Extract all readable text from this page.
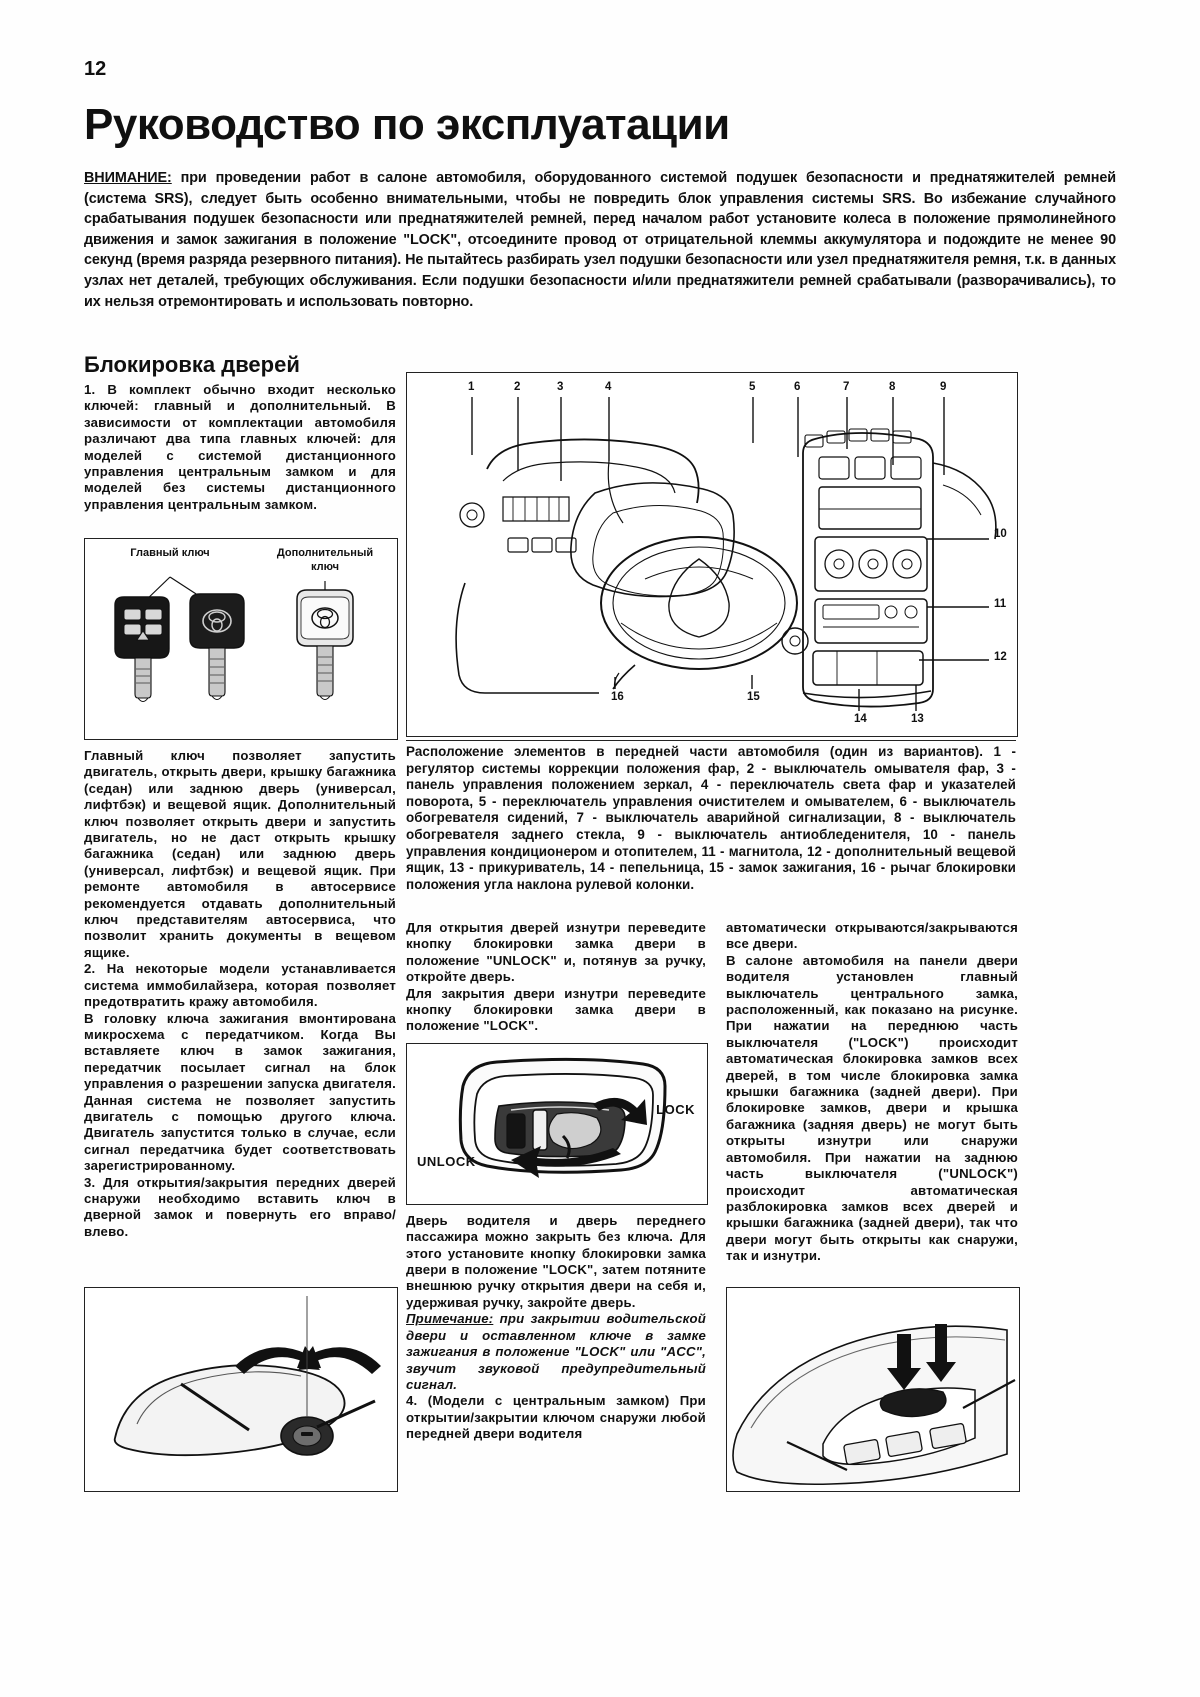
12
Руководство по эксплуатации
ВНИМАНИЕ: при проведении работ в салоне автомобиля, оборудованного системой подушек безопасности и преднатяжителей ремней (система SRS), следует быть особенно внимательными, чтобы не повредить блок управления системы SRS. Во избежание случайного срабатывания подушек безопасности или преднатяжителей ремней, перед началом работ установите колеса в положение прямолинейного движения и замок зажигания в положение "LOCK", отсоедините провод от отрицательной клеммы аккумулятора и подождите не менее 90 секунд (время разряда резервного питания). Не пытайтесь разбирать узел подушки безопасности или узел преднатяжителя ремня, т.к. в данных узлах нет деталей, требующих обслуживания. Если подушки безопасности и/или преднатяжители ремней срабатывали (разворачивались), то их нельзя отремонтировать и использовать повторно.
Блокировка дверей
1. В комплект обычно входит несколько ключей: главный и дополнительный. В зависимости от комплектации автомобиля различают два типа главных ключей: для моделей с системой дистанционного управления центральным замком и для моделей без системы дистанционного управления центральным замком.
Главный ключ	Дополнительный
ключ
Главный ключ позволяет запустить двигатель, открыть двери, крышку багажника (седан) или заднюю дверь (универсал, лифтбэк) и вещевой ящик. Дополнительный ключ позволяет открыть двери и запустить двигатель, но не даст открыть крышку багажника (седан) или заднюю дверь (универсал, лифтбэк) и вещевой ящик. При ремонте автомобиля в автосервисе рекомендуется отдавать дополнительный ключ представителям автосервиса, что позволит хранить документы в вещевом ящике.
2. На некоторые модели устанавливается система иммобилайзера, которая позволяет предотвратить кражу автомобиля.
В головку ключа зажигания вмонтирована микросхема с передатчиком. Когда Вы вставляете ключ в замок зажигания, передатчик посылает сигнал на блок управления о разрешении запуска двигателя. Данная система не позволяет запустить двигатель с помощью другого ключа. Двигатель запустится только в случае, если сигнал передатчика будет соответствовать зарегистрированному.
3. Для открытия/закрытия передних дверей снаружи необходимо вставить ключ в дверной замок и повернуть его вправо/влево.
1	2	3	4	5	6	7	8	9
10
11
12
16	15
14	13
Расположение элементов в передней части автомобиля (один из вариантов). 1 - регулятор системы коррекции положения фар, 2 - выключатель омывателя фар, 3 - панель управления положением зеркал, 4 - переключатель света фар и указателей поворота, 5 - переключатель управления очистителем и омывателем, 6 - выключатель обогревателя сидений, 7 - выключатель аварийной сигнализации, 8 - выключатель обогревателя заднего стекла, 9 - выключатель антиобледенителя, 10 - панель управления кондиционером и отопителем, 11 - магнитола, 12 - дополнительный вещевой ящик, 13 - прикуриватель, 14 - пепельница, 15 - замок зажигания, 16 - рычаг блокировки положения угла наклона рулевой колонки.
Для открытия дверей изнутри переведите кнопку блокировки замка двери в положение "UNLOCK" и, потянув за ручку, откройте дверь.
Для закрытия двери изнутри переведите кнопку блокировки замка двери в положение "LOCK".
Дверь водителя и дверь переднего пассажира можно закрыть без ключа. Для этого установите кнопку блокировки замка двери в положение "LOCK", затем потяните внешнюю ручку открытия двери на себя и, удерживая ручку, закройте дверь.
Примечание: при закрытии водительской двери и оставленном ключе в замке зажигания в положение "LOCK" или "ACC", звучит звуковой предупредительный сигнал.
4. (Модели с центральным замком) При открытии/закрытии ключом снаружи любой передней двери водителя
LOCK
UNLOCK
автоматически открываются/закрываются все двери.
В салоне автомобиля на панели двери водителя установлен главный выключатель центрального замка, расположенный, как показано на рисунке. При нажатии на переднюю часть выключателя ("LOCK") происходит автоматическая блокировка замков всех дверей, в том числе блокировка замка крышки багажника (задней двери). При блокировке замков, двери и крышка багажника (задняя дверь) не могут быть открыты изнутри или снаружи автомобиля. При нажатии на заднюю часть выключателя ("UNLOCK") происходит автоматическая разблокировка замков всех дверей и крышки багажника (задней двери), так что двери могут быть открыты как снаружи, так и изнутри.
